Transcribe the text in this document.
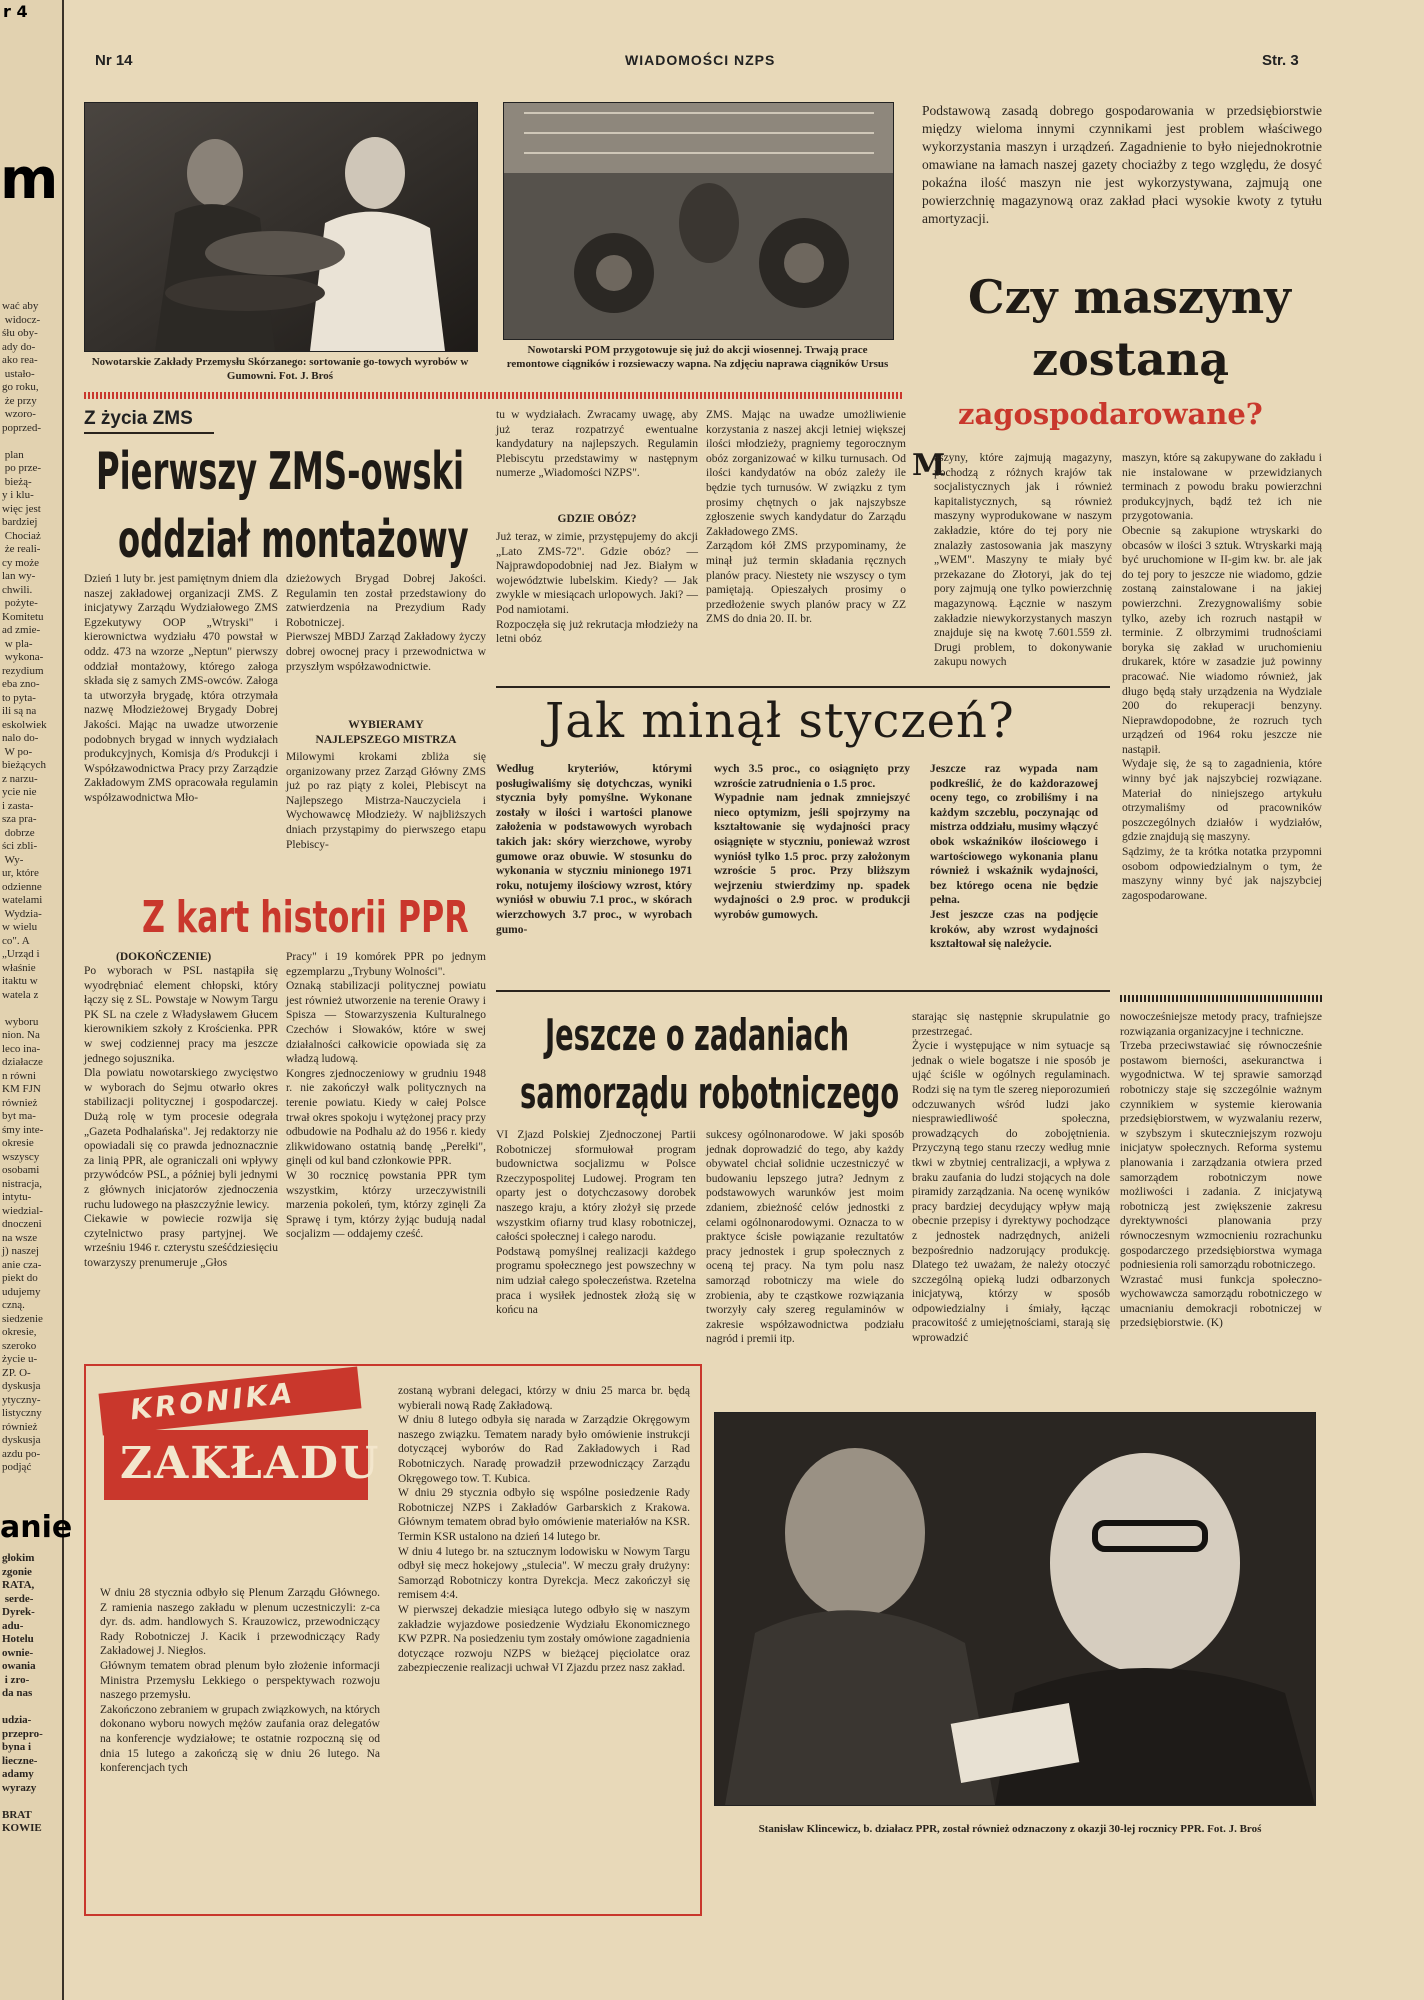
r 4
m
wać aby
widocz-
śłu oby-
ady do-
ako rea-
ustało-
go roku,
że przy
wzoro-
poprzed-

plan
po prze-
bieżą-
y i klu-
więc jest
bardziej
Chociaż
że reali-
cy może
lan wy-
chwili.
pożyte-
Komitetu
ad zmie-
w pla-
wykona-
rezydium
eba zno-
to pyta-
ili są na
eskolwiek
nalo do-
W po-
bieżących
z narzu-
ycie nie
i zasta-
sza pra-
dobrze
ści zbli-
Wy-
ur, które
odzienne
watelami
Wydzia-
w wielu
co". A
„Urząd i
właśnie
itaktu w
watela z

wyboru
nion. Na
leco ina-
działacze
n równi
KM FJN
również
byt ma-
śmy inte-
okresie
wszyscy
osobami
nistracja,
intytu-
wiedzial-
dnoczeni
na wsze
j) naszej
anie cza-
piekt do
udujemy
czną.
siedzenie
okresie,
szeroko
życie u-
ZP. O-
dyskusja
ytyczny-
listyczny
również
dyskusja
azdu po-
podjąć
anie
głokim
zgonie
RATA,
serde-
Dyrek-
adu-
Hotelu
ownie-
owania
i zro-
da nas

udzia-
przepro-
byna i
lieczne-
adamy
wyrazy

BRAT
KOWIE
Nr 14	WIADOMOŚCI NZPS	Str. 3
Nowotarskie Zakłady Przemysłu Skórzanego: sortowanie go-towych wyrobów w Gumowni. Fot. J. Broś
Nowotarski POM przygotowuje się już do akcji wiosennej. Trwają prace remontowe ciągników i rozsiewaczy wapna. Na zdjęciu naprawa ciągników Ursus
Podstawową zasadą dobrego gospodarowania w przedsiębiorstwie między wieloma innymi czynnikami jest problem właściwego wykorzystania maszyn i urządzeń. Zagadnienie to było niejednokrotnie omawiane na łamach naszej gazety chociażby z tego względu, że dosyć pokaźna ilość maszyn nie jest wykorzystywana, zajmują one powierzchnię magazynową oraz zakład płaci wysokie kwoty z tytułu amortyzacji.
Czy maszyny
zostaną
zagospodarowane?
M
aszyny, które zajmują magazyny, pochodzą z różnych krajów tak socjalistycznych jak i również kapitalistycznych, są również maszyny wyprodukowane w naszym zakładzie, które do tej pory nie znalazły zastosowania jak maszyny „WEM". Maszyny te miały być przekazane do Złotoryi, jak do tej pory zajmują one tylko powierzchnię magazynową. Łącznie w naszym zakładzie niewykorzystanych maszyn znajduje się na kwotę 7.601.559 zł. Drugi problem, to dokonywanie zakupu nowych
maszyn, które są zakupywane do zakładu i nie instalowane w przewidzianych terminach z powodu braku powierzchni produkcyjnych, bądź też ich nie przygotowania.
Obecnie są zakupione wtryskarki do obcasów w ilości 3 sztuk. Wtryskarki mają być uruchomione w II-gim kw. br. ale jak do tej pory to jeszcze nie wiadomo, gdzie zostaną zainstalowane i na jakiej powierzchni. Zrezygnowaliśmy sobie tylko, azeby ich rozruch nastąpił w terminie. Z olbrzymimi trudnościami boryka się zakład w uruchomieniu drukarek, które w zasadzie już powinny pracować. Nie wiadomo również, jak długo będą stały urządzenia na Wydziale 200 do rekuperacji benzyny. Nieprawdopodobne, że rozruch tych urządzeń od 1964 roku jeszcze nie nastąpił.
Wydaje się, że są to zagadnienia, które winny być jak najszybciej rozwiązane. Materiał do niniejszego artykułu otrzymaliśmy od pracowników poszczególnych działów i wydziałów, gdzie znajdują się maszyny.
Sądzimy, że ta krótka notatka przypomni osobom odpowiedzialnym o tym, że maszyny winny być jak najszybciej zagospodarowane.
Z życia ZMS
Pierwszy ZMS-owski
oddział montażowy
Dzień 1 luty br. jest pamiętnym dniem dla naszej zakładowej organizacji ZMS. Z inicjatywy Zarządu Wydziałowego ZMS Egzekutywy OOP „Wtryski" i kierownictwa wydziału 470 powstał w oddz. 473 na wzorze „Neptun" pierwszy oddział montażowy, którego załoga składa się z samych ZMS-owców. Załoga ta utworzyła brygadę, która otrzymała nazwę Młodzieżowej Brygady Dobrej Jakości. Mając na uwadze utworzenie podobnych brygad w innych wydziałach produkcyjnych, Komisja d/s Produkcji i Współzawodnictwa Pracy przy Zarządzie Zakładowym ZMS opracowała regulamin współzawodnictwa Mło-
dzieżowych Brygad Dobrej Jakości. Regulamin ten został przedstawiony do zatwierdzenia na Prezydium Rady Robotniczej.
Pierwszej MBDJ Zarząd Zakładowy życzy dobrej owocnej pracy i przewodnictwa w przyszłym współzawodnictwie.
WYBIERAMY
NAJLEPSZEGO MISTRZA
Milowymi krokami zbliża się organizowany przez Zarząd Główny ZMS już po raz piąty z kolei, Plebiscyt na Najlepszego Mistrza-Nauczyciela i Wychowawcę Młodzieży. W najbliższych dniach przystąpimy do pierwszego etapu Plebiscy-
tu w wydziałach. Zwracamy uwagę, aby już teraz rozpatrzyć ewentualne kandydatury na najlepszych. Regulamin Plebiscytu przedstawimy w następnym numerze „Wiadomości NZPS".
GDZIE OBÓZ?
Już teraz, w zimie, przystępujemy do akcji „Lato ZMS-72". Gdzie obóz? — Najprawdopodobniej nad Jez. Białym w województwie lubelskim. Kiedy? — Jak zwykle w miesiącach urlopowych. Jaki? — Pod namiotami.
Rozpoczęła się już rekrutacja młodzieży na letni obóz
ZMS. Mając na uwadze umożliwienie korzystania z naszej akcji letniej większej ilości młodzieży, pragniemy tegorocznym obóz zorganizować w kilku turnusach. Od ilości kandydatów na obóz zależy ile będzie tych turnusów. W związku z tym prosimy chętnych o jak najszybsze zgłoszenie swych kandydatur do Zarządu Zakładowego ZMS.
Zarządom kół ZMS przypominamy, że minął już termin składania ręcznych planów pracy. Niestety nie wszyscy o tym pamiętają. Opieszałych prosimy o przedłożenie swych planów pracy w ZZ ZMS do dnia 20. II. br.
Jak minął styczeń?
Według kryteriów, którymi posługiwaliśmy się dotychczas, wyniki stycznia były pomyślne. Wykonane zostały w ilości i wartości planowe założenia w podstawowych wyrobach takich jak: skóry wierzchowe, wyroby gumowe oraz obuwie. W stosunku do wykonania w styczniu minionego 1971 roku, notujemy ilościowy wzrost, który wyniósł w obuwiu 7.1 proc., w skórach wierzchowych 3.7 proc., w wyrobach gumo-
wych 3.5 proc., co osiągnięto przy wzroście zatrudnienia o 1.5 proc.
Wypadnie nam jednak zmniejszyć nieco optymizm, jeśli spojrzymy na kształtowanie się wydajności pracy osiągnięte w styczniu, ponieważ wzrost wyniósł tylko 1.5 proc. przy założonym wzroście 5 proc. Przy bliższym wejrzeniu stwierdzimy np. spadek wydajności o 2.9 proc. w produkcji wyrobów gumowych.
Jeszcze raz wypada nam podkreślić, że do każdorazowej oceny tego, co zrobiliśmy i na każdym szczeblu, poczynając od mistrza oddziału, musimy włączyć obok wskaźników ilościowego i wartościowego wykonania planu również i wskaźnik wydajności, bez którego ocena nie będzie pełna.
Jest jeszcze czas na podjęcie kroków, aby wzrost wydajności kształtował się należycie.
Z kart historii PPR
(DOKOŃCZENIE)
Po wyborach w PSL nastąpiła się wyodrębniać element chłopski, który łączy się z SL. Powstaje w Nowym Targu PK SL na czele z Władysławem Głucem kierownikiem szkoły z Krościenka. PPR w swej codziennej pracy ma jeszcze jednego sojusznika.
Dla powiatu nowotarskiego zwycięstwo w wyborach do Sejmu otwarło okres stabilizacji politycznej i gospodarczej. Dużą rolę w tym procesie odegrała „Gazeta Podhalańska". Jej redaktorzy nie opowiadali się co prawda jednoznacznie za linią PPR, ale ograniczali oni wpływy przywódców PSL, a później byli jednymi z głównych inicjatorów zjednoczenia ruchu ludowego na płaszczyźnie lewicy.
Ciekawie w powiecie rozwija się czytelnictwo prasy partyjnej. We wrześniu 1946 r. czterystu sześćdziesięciu towarzyszy prenumeruje „Głos
Pracy" i 19 komórek PPR po jednym egzemplarzu „Trybuny Wolności".
Oznaką stabilizacji politycznej powiatu jest również utworzenie na terenie Orawy i Spisza — Stowarzyszenia Kulturalnego Czechów i Słowaków, które w swej działalności całkowicie opowiada się za władzą ludową.
Kongres zjednoczeniowy w grudniu 1948 r. nie zakończył walk politycznych na terenie powiatu. Kiedy w całej Polsce trwał okres spokoju i wytężonej pracy przy odbudowie na Podhalu aż do 1956 r. kiedy zlikwidowano ostatnią bandę „Perełki", ginęli od kul band członkowie PPR.
W 30 rocznicę powstania PPR tym wszystkim, którzy urzeczywistnili marzenia pokoleń, tym, którzy zginęli Za Sprawę i tym, którzy żyjąc budują nadal socjalizm — oddajemy cześć.
Jeszcze o zadaniach
samorządu robotniczego
VI Zjazd Polskiej Zjednoczonej Partii Robotniczej sformułował program budownictwa socjalizmu w Polsce Rzeczypospolitej Ludowej. Program ten oparty jest o dotychczasowy dorobek naszego kraju, a który złożył się przede wszystkim ofiarny trud klasy robotniczej, całości społecznej i całego narodu.
Podstawą pomyślnej realizacji każdego programu społecznego jest powszechny w nim udział całego społeczeństwa. Rzetelna praca i wysiłek jednostek złożą się w końcu na
sukcesy ogólnonarodowe. W jaki sposób jednak doprowadzić do tego, aby każdy obywatel chciał solidnie uczestniczyć w budowaniu lepszego jutra? Jednym z podstawowych warunków jest moim zdaniem, zbieżność celów jednostki z celami ogólnonarodowymi. Oznacza to w praktyce ścisłe powiązanie rezultatów pracy jednostek i grup społecznych z oceną tej pracy. Na tym polu nasz samorząd robotniczy ma wiele do zrobienia, aby te cząstkowe rozwiązania tworzyły cały szereg regulaminów w zakresie współzawodnictwa podziału nagród i premii itp.
starając się następnie skrupulatnie go przestrzegać.
Życie i występujące w nim sytuacje są jednak o wiele bogatsze i nie sposób je ująć ściśle w ogólnych regulaminach. Rodzi się na tym tle szereg nieporozumień odczuwanych wśród ludzi jako niesprawiedliwość społeczna, prowadzących do zobojętnienia. Przyczyną tego stanu rzeczy według mnie tkwi w zbytniej centralizacji, a wpływa z braku zaufania do ludzi stojących na dole piramidy zarządzania. Na ocenę wyników pracy bardziej decydujący wpływ mają obecnie przepisy i dyrektywy pochodzące z jednostek nadrzędnych, aniżeli bezpośrednio nadzorujący produkcję. Dlatego też uważam, że należy otoczyć szczególną opieką ludzi odbarzonych inicjatywą, którzy w sposób odpowiedzialny i śmiały, łącząc pracowitość z umiejętnościami, starają się wprowadzić
nowocześniejsze metody pracy, trafniejsze rozwiązania organizacyjne i techniczne.
Trzeba przeciwstawiać się równocześnie postawom bierności, asekuranctwa i wygodnictwa. W tej sprawie samorząd robotniczy staje się szczególnie ważnym czynnikiem w systemie kierowania przedsiębiorstwem, w wyzwalaniu rezerw, w szybszym i skuteczniejszym rozwoju inicjatyw społecznych. Reforma systemu planowania i zarządzania otwiera przed samorządem robotniczym nowe możliwości i zadania. Z inicjatywą robotniczą jest zwiększenie zakresu dyrektywności planowania przy równoczesnym wzmocnieniu rozrachunku gospodarczego przedsiębiorstwa wymaga podniesienia roli samorządu robotniczego.
Wzrastać musi funkcja społeczno-wychowawcza samorządu robotniczego w umacnianiu demokracji robotniczej w przedsiębiorstwie. (K)
KRONIKA
ZAKŁADU
W dniu 28 stycznia odbyło się Plenum Zarządu Głównego. Z ramienia naszego zakładu w plenum uczestniczyli: z-ca dyr. ds. adm. handlowych S. Krauzowicz, przewodniczący Rady Robotniczej J. Kacik i przewodniczący Rady Zakładowej J. Niegłos.
Głównym tematem obrad plenum było złożenie informacji Ministra Przemysłu Lekkiego o perspektywach rozwoju naszego przemysłu.
Zakończono zebraniem w grupach związkowych, na których dokonano wyboru nowych mężów zaufania oraz delegatów na konferencje wydziałowe; te ostatnie rozpoczną się od dnia 15 lutego a zakończą się w dniu 26 lutego. Na konferencjach tych
zostaną wybrani delegaci, którzy w dniu 25 marca br. będą wybierali nową Radę Zakładową.
W dniu 8 lutego odbyła się narada w Zarządzie Okręgowym naszego związku. Tematem narady było omówienie instrukcji dotyczącej wyborów do Rad Zakładowych i Rad Robotniczych. Naradę prowadził przewodniczący Zarządu Okręgowego tow. T. Kubica.
W dniu 29 stycznia odbyło się wspólne posiedzenie Rady Robotniczej NZPS i Zakładów Garbarskich z Krakowa. Głównym tematem obrad było omówienie materiałów na KSR. Termin KSR ustalono na dzień 14 lutego br.
W dniu 4 lutego br. na sztucznym lodowisku w Nowym Targu odbył się mecz hokejowy „stulecia". W meczu grały drużyny: Samorząd Robotniczy kontra Dyrekcja. Mecz zakończył się remisem 4:4.
W pierwszej dekadzie miesiąca lutego odbyło się w naszym zakładzie wyjazdowe posiedzenie Wydziału Ekonomicznego KW PZPR. Na posiedzeniu tym zostały omówione zagadnienia dotyczące rozwoju NZPS w bieżącej pięciolatce oraz zabezpieczenie realizacji uchwał VI Zjazdu przez nasz zakład.
Stanisław Klincewicz, b. działacz PPR, został również odznaczony z okazji 30-lej rocznicy PPR. Fot. J. Broś
